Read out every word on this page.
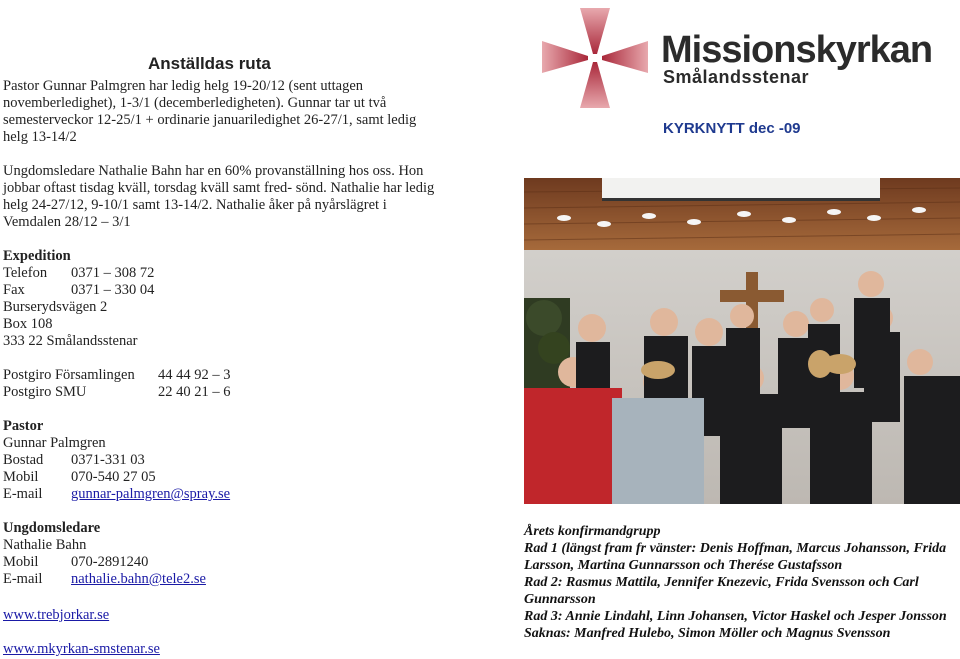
Anställdas ruta

Pastor Gunnar Palmgren har ledig helg 19-20/12 (sent uttagen novemberledighet), 1-3/1 (decemberledigheten). Gunnar tar ut två semesterveckor 12-25/1 + ordinarie januariledighet 26-27/1, samt ledig helg 13-14/2

Ungdomsledare Nathalie Bahn har en 60% provanställning hos oss. Hon jobbar oftast tisdag kväll, torsdag kväll samt fred- sönd. Nathalie har ledig helg 24-27/12, 9-10/1 samt 13-14/2. Nathalie åker på nyårslägret i Vemdalen 28/12 – 3/1

Expedition
Telefon 0371 – 308 72
Fax	0371 – 330 04
Burserydsvägen 2
Box 108
333 22 Smålandsstenar
Postgiro Församlingen 44 44 92 – 3
Postgiro SMU	22 40 21 – 6
Pastor
Gunnar Palmgren
Bostad 0371-331 03
Mobil 070-540 27 05
E-mail gunnar-palmgren@spray.se
Ungdomsledare
Nathalie Bahn
Mobil 070-2891240
E-mail nathalie.bahn@tele2.se
www.trebjorkar.se
www.mkyrkan-smstenar.se
Missionskyrkan
Smålandsstenar
KYRKNYTT dec -09
Årets konfirmandgrupp
Rad 1 (längst fram fr vänster: Denis Hoffman, Marcus Johansson, Frida Larsson, Martina Gunnarsson och Therése Gustafsson
Rad 2: Rasmus Mattila, Jennifer Knezevic, Frida Svensson och Carl Gunnarsson
Rad 3: Annie Lindahl, Linn Johansen, Victor Haskel och Jesper Jonsson
Saknas: Manfred Hulebo, Simon Möller och Magnus Svensson
